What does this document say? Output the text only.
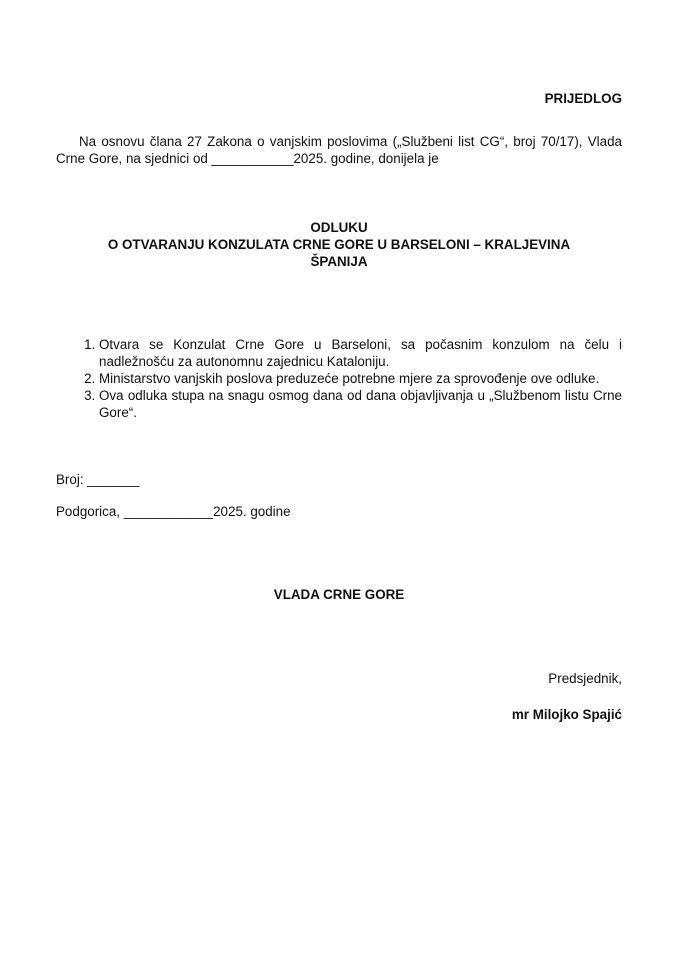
PRIJEDLOG

Na osnovu člana 27 Zakona o vanjskim poslovima („Službeni list CG“, broj 70/17), Vlada Crne Gore, na sjednici od ___________2025. godine, donijela je

ODLUKU
O OTVARANJU KONZULATA CRNE GORE U BARSELONI – KRALJEVINA
ŠPANIJA
1. Otvara se Konzulat Crne Gore u Barseloni, sa počasnim konzulom na čelu i nadležnošću za autonomnu zajednicu Kataloniju.
2. Ministarstvo vanjskih poslova preduzeće potrebne mjere za sprovođenje ove odluke.
3. Ova odluka stupa na snagu osmog dana od dana objavljivanja u „Službenom listu Crne Gore“.
Broj: _______
Podgorica, ____________2025. godine
VLADA CRNE GORE
Predsjednik,
mr Milojko Spajić
